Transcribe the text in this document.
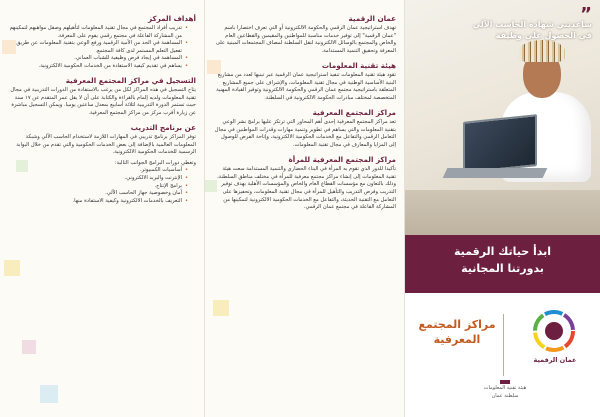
أهداف المركز
• تدريب أفراد المجتمع في مجال تقنية المعلومات لتأهيلهم وصقل مواهبهم لتمكينهم من المشاركة الفاعلة في مجتمع رقمي يقوم على المعرفة.
• المساهمة في الحد من الأمية الرقمية ورفع الوعي بتقنية المعلومات عن طريق تفعيل التعلم المستمر لدى كافة المجتمع.
• المساهمة في إيجاد فرص وظيفية للشباب العماني.
• يساهم في تقديم كيفية الاستفادة من الخدمات الحكومية الالكترونية.
التسجيل في مراكز المجتمع المعرفية

يتاح التسجيل في هذه المراكز لكل من يرغب بالاستفادة من الدورات التدريبية في مجال تقنية المعلومات ولديه إلمام بالقراءة والكتابة على أن لا يقل عمر المتقدم عن ١٧ سنة حيث تستمر الدورة التدريبية لثلاثة أسابيع بمعدل ساعتين يوميا. ويمكن التسجيل مباشرة عن زيارة أقرب مركز من مراكز المجتمع المعرفية.

عن برنامج التدريب

توفر المراكز برنامج تدريبي في المهارات اللازمة لاستخدام الحاسب الآلي وشبكة المعلومات العالمية بالإضافة إلى بعض الخدمات الحكومية والتي تقدم من خلال البوابة الرسمية للخدمات الحكومية الالكترونية.

وتغطي دورات البرامج الجوانب التالية:

• أساسيات الكمبيوتر.
• الإنترنت والبريد الالكتروني.
• برامج الإنتاج.
• أمان وخصوصية جهاز الحاسب الآلي.
• التعريف بالخدمات الالكترونية وكيفية الاستفادة منها.
عمان الرقمية

تهدف استراتيجية عمان الرقمي والحكومة الالكترونية أو التي تعرف اختصارا باسم "عمان الرقمية" إلى توفير خدمات مناسبة للمواطنين والمقيمين والقطاعين العام والخاص والمجتمع بالوسائل الالكترونية لنقل السلطنة لمصاف المجتمعات المبنية على المعرفة وتحقيق التنمية المستدامة.

هيئة تقنية المعلومات

تقود هيئة تقنية المعلومات تنفيذ استراتيجية عمان الرقمية عبر تبنيها لعدد من مشاريع البنية الأساسية الوطنية في مجال تقنية المعلومات، والإشراف على جميع المشاريع المتعلقة باستراتيجية مجتمع عمان الرقمي والحكومة الالكترونية وتوفير القيادة المهنية المتخصصة لمختلف مبادرات الحكومة الالكترونية في السلطنة.

مراكز المجتمع المعرفية

تعد مراكز المجتمع المعرفية إحدى أهم المحاور التي ترتكز عليها برامج نشر الوعي بتقنية المعلومات والتي يساهم في تطوير وتنمية مهارات وقدرات المواطنين في مجال التعامل الرقمي والتفاعل مع الخدمات الحكومية الالكترونية، وإتاحة الفرص للوصول إلى المزايا والمعارف في مجال تقنية المعلومات.

مراكز المجتمع المعرفية للمرأة

تأكيدا للدور الذي تقوم به المرأة في البناء الحضاري والتنمية المستدامة سعت هيئة تقنية المعلومات إلى إنشاء مراكز مجتمع معرفية للمرأة في مختلف مناطق السلطنة، وذلك بالتعاون مع مؤسسات القطاع العام والخاص والمؤسسات الأهلية بهدف توفير التدريب وفرص التدريب والتأهيل للمرأة في مجال تقنية المعلومات، وتحفيزها على التعامل مع التقنية الحديثة، والتفاعل مع الخدمات الحكومية الالكترونية لتمكينها من المشاركة الفاعلة في مجتمع عمان الرقمي.

”
ساعدتني شهادة الحاسب الآلي في الحصول على وظيفة
ابدأ حياتك الرقمية
بدورتنا المجانية
مراكز المجتمع المعرفية
عمان الرقمية
هيئة تقنية المعلومات
سلطنة عمان
